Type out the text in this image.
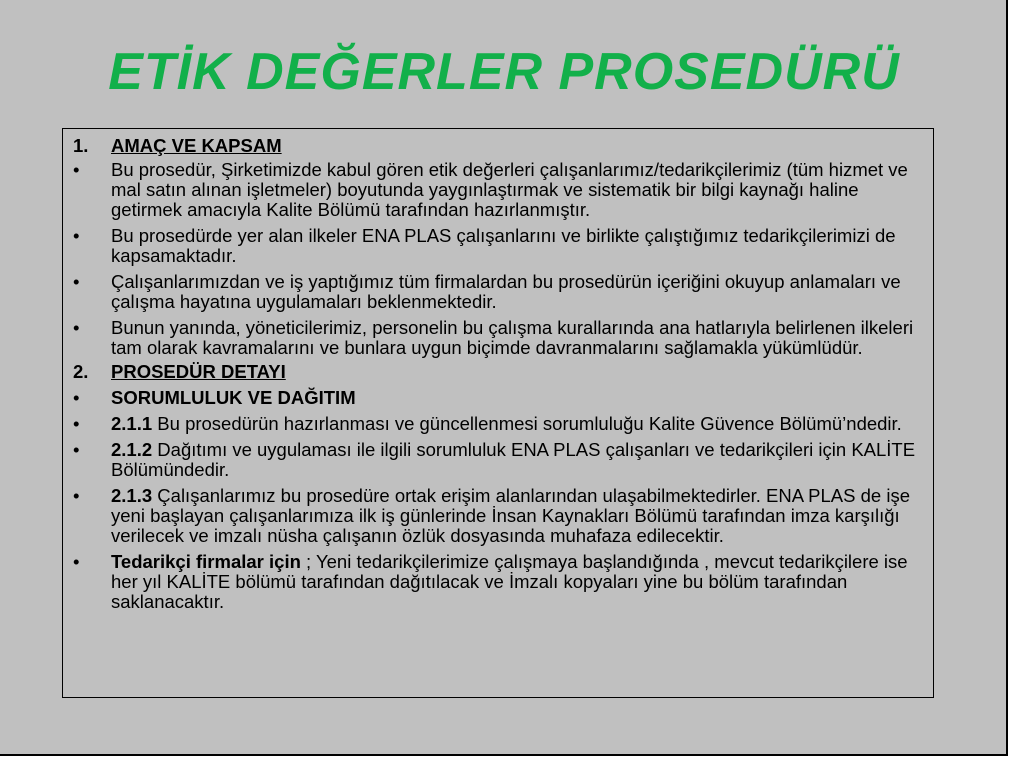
ETİK DEĞERLER PROSEDÜRÜ
1.	AMAÇ VE KAPSAM
•	Bu prosedür, Şirketimizde kabul gören etik değerleri çalışanlarımız/tedarikçilerimiz (tüm hizmet ve mal satın alınan işletmeler) boyutunda yaygınlaştırmak ve sistematik bir bilgi kaynağı haline getirmek amacıyla Kalite Bölümü tarafından hazırlanmıştır.
•	Bu prosedürde yer alan ilkeler ENA PLAS çalışanlarını ve birlikte çalıştığımız tedarikçilerimizi de kapsamaktadır.
•	Çalışanlarımızdan ve iş yaptığımız tüm firmalardan bu prosedürün içeriğini okuyup anlamaları ve çalışma hayatına uygulamaları beklenmektedir.
•	Bunun yanında, yöneticilerimiz, personelin bu çalışma kurallarında ana hatlarıyla belirlenen ilkeleri tam olarak kavramalarını ve bunlara uygun biçimde davranmalarını sağlamakla yükümlüdür.
2.	PROSEDÜR DETAYI
•	SORUMLULUK VE DAĞITIM
•	2.1.1 Bu prosedürün hazırlanması ve güncellenmesi sorumluluğu Kalite Güvence Bölümü’ndedir.
•	2.1.2 Dağıtımı ve uygulaması ile ilgili sorumluluk ENA PLAS çalışanları ve tedarikçileri için KALİTE Bölümündedir.
•	2.1.3 Çalışanlarımız bu prosedüre ortak erişim alanlarından ulaşabilmektedirler. ENA PLAS de işe yeni başlayan çalışanlarımıza ilk iş günlerinde İnsan Kaynakları Bölümü tarafından imza karşılığı verilecek ve imzalı nüsha çalışanın özlük dosyasında muhafaza edilecektir.
•	Tedarikçi firmalar için ; Yeni tedarikçilerimize çalışmaya başlandığında , mevcut tedarikçilere ise her yıl KALİTE bölümü tarafından dağıtılacak ve İmzalı kopyaları yine bu bölüm tarafından saklanacaktır.
